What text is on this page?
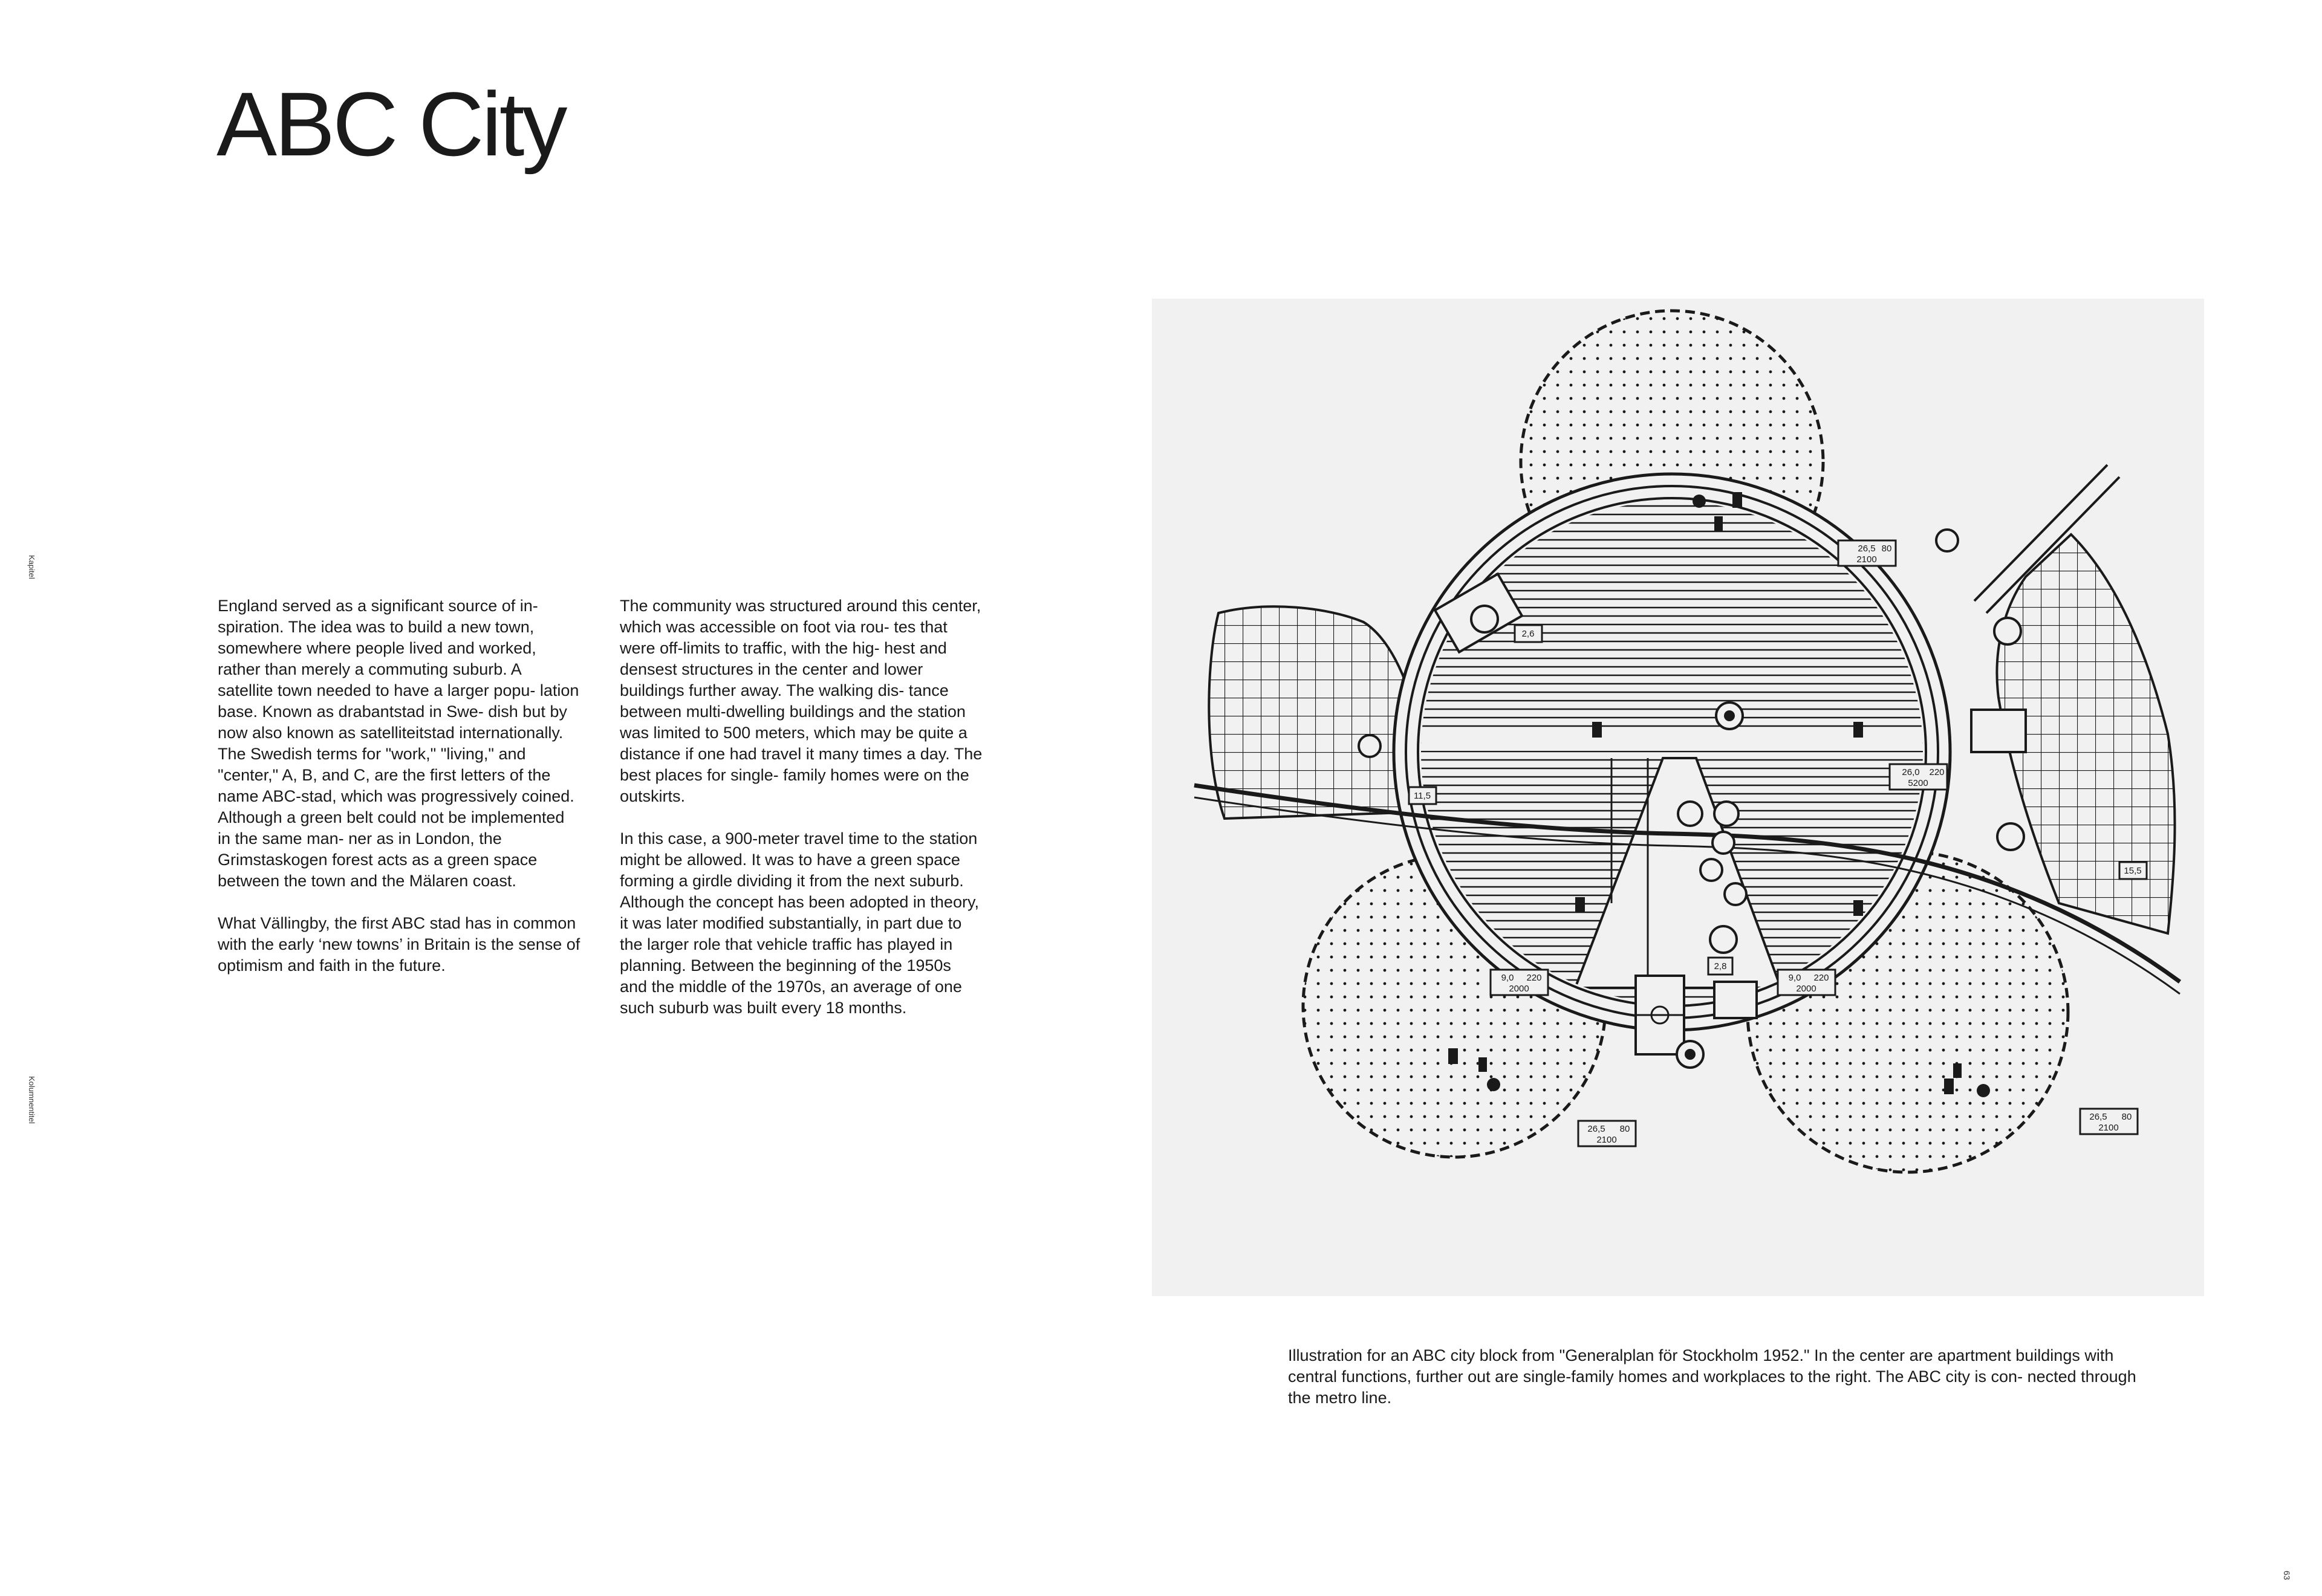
ABC City
Kapitel
Kolumnentitel

England served as a significant source of in- spiration. The idea was to build a new town, somewhere where people lived and worked, rather than merely a commuting suburb. A satellite town needed to have a larger popu- lation base. Known as drabantstad in Swe- dish but by now also known as satelliteitstad internationally. The Swedish terms for "work," "living," and "center," A, B, and C, are the first letters of the name ABC-stad, which was progressively coined. Although a green belt could not be implemented in the same man- ner as in London, the Grimstaskogen forest acts as a green space between the town and the Mälaren coast.

What Vällingby, the first ABC stad has in common with the early ‘new towns’ in Britain is the sense of optimism and faith in the future.

The community was structured around this center, which was accessible on foot via rou- tes that were off-limits to traffic, with the hig- hest and densest structures in the center and lower buildings further away. The walking dis- tance between multi-dwelling buildings and the station was limited to 500 meters, which may be quite a distance if one had travel it many times a day. The best places for single- family homes were on the outskirts.

In this case, a 900-meter travel time to the station might be allowed. It was to have a green space forming a girdle dividing it from the next suburb. Although the concept has been adopted in theory, it was later modified substantially, in part due to the larger role that vehicle traffic has played in planning. Between the beginning of the 1950s and the middle of the 1970s, an average of one such suburb was built every 18 months.

26,5
2100
80
26,0 220
5200
26,5 80
2100
26,5 80
2100
9,0 220
2000
9,0 220
2000
2,6
2,8
11,5
15,5

Illustration for an ABC city block from "Generalplan för Stockholm 1952." In the center are apartment buildings with central functions, further out are single-family homes and workplaces to the right. The ABC city is con- nected through the metro line.

63
